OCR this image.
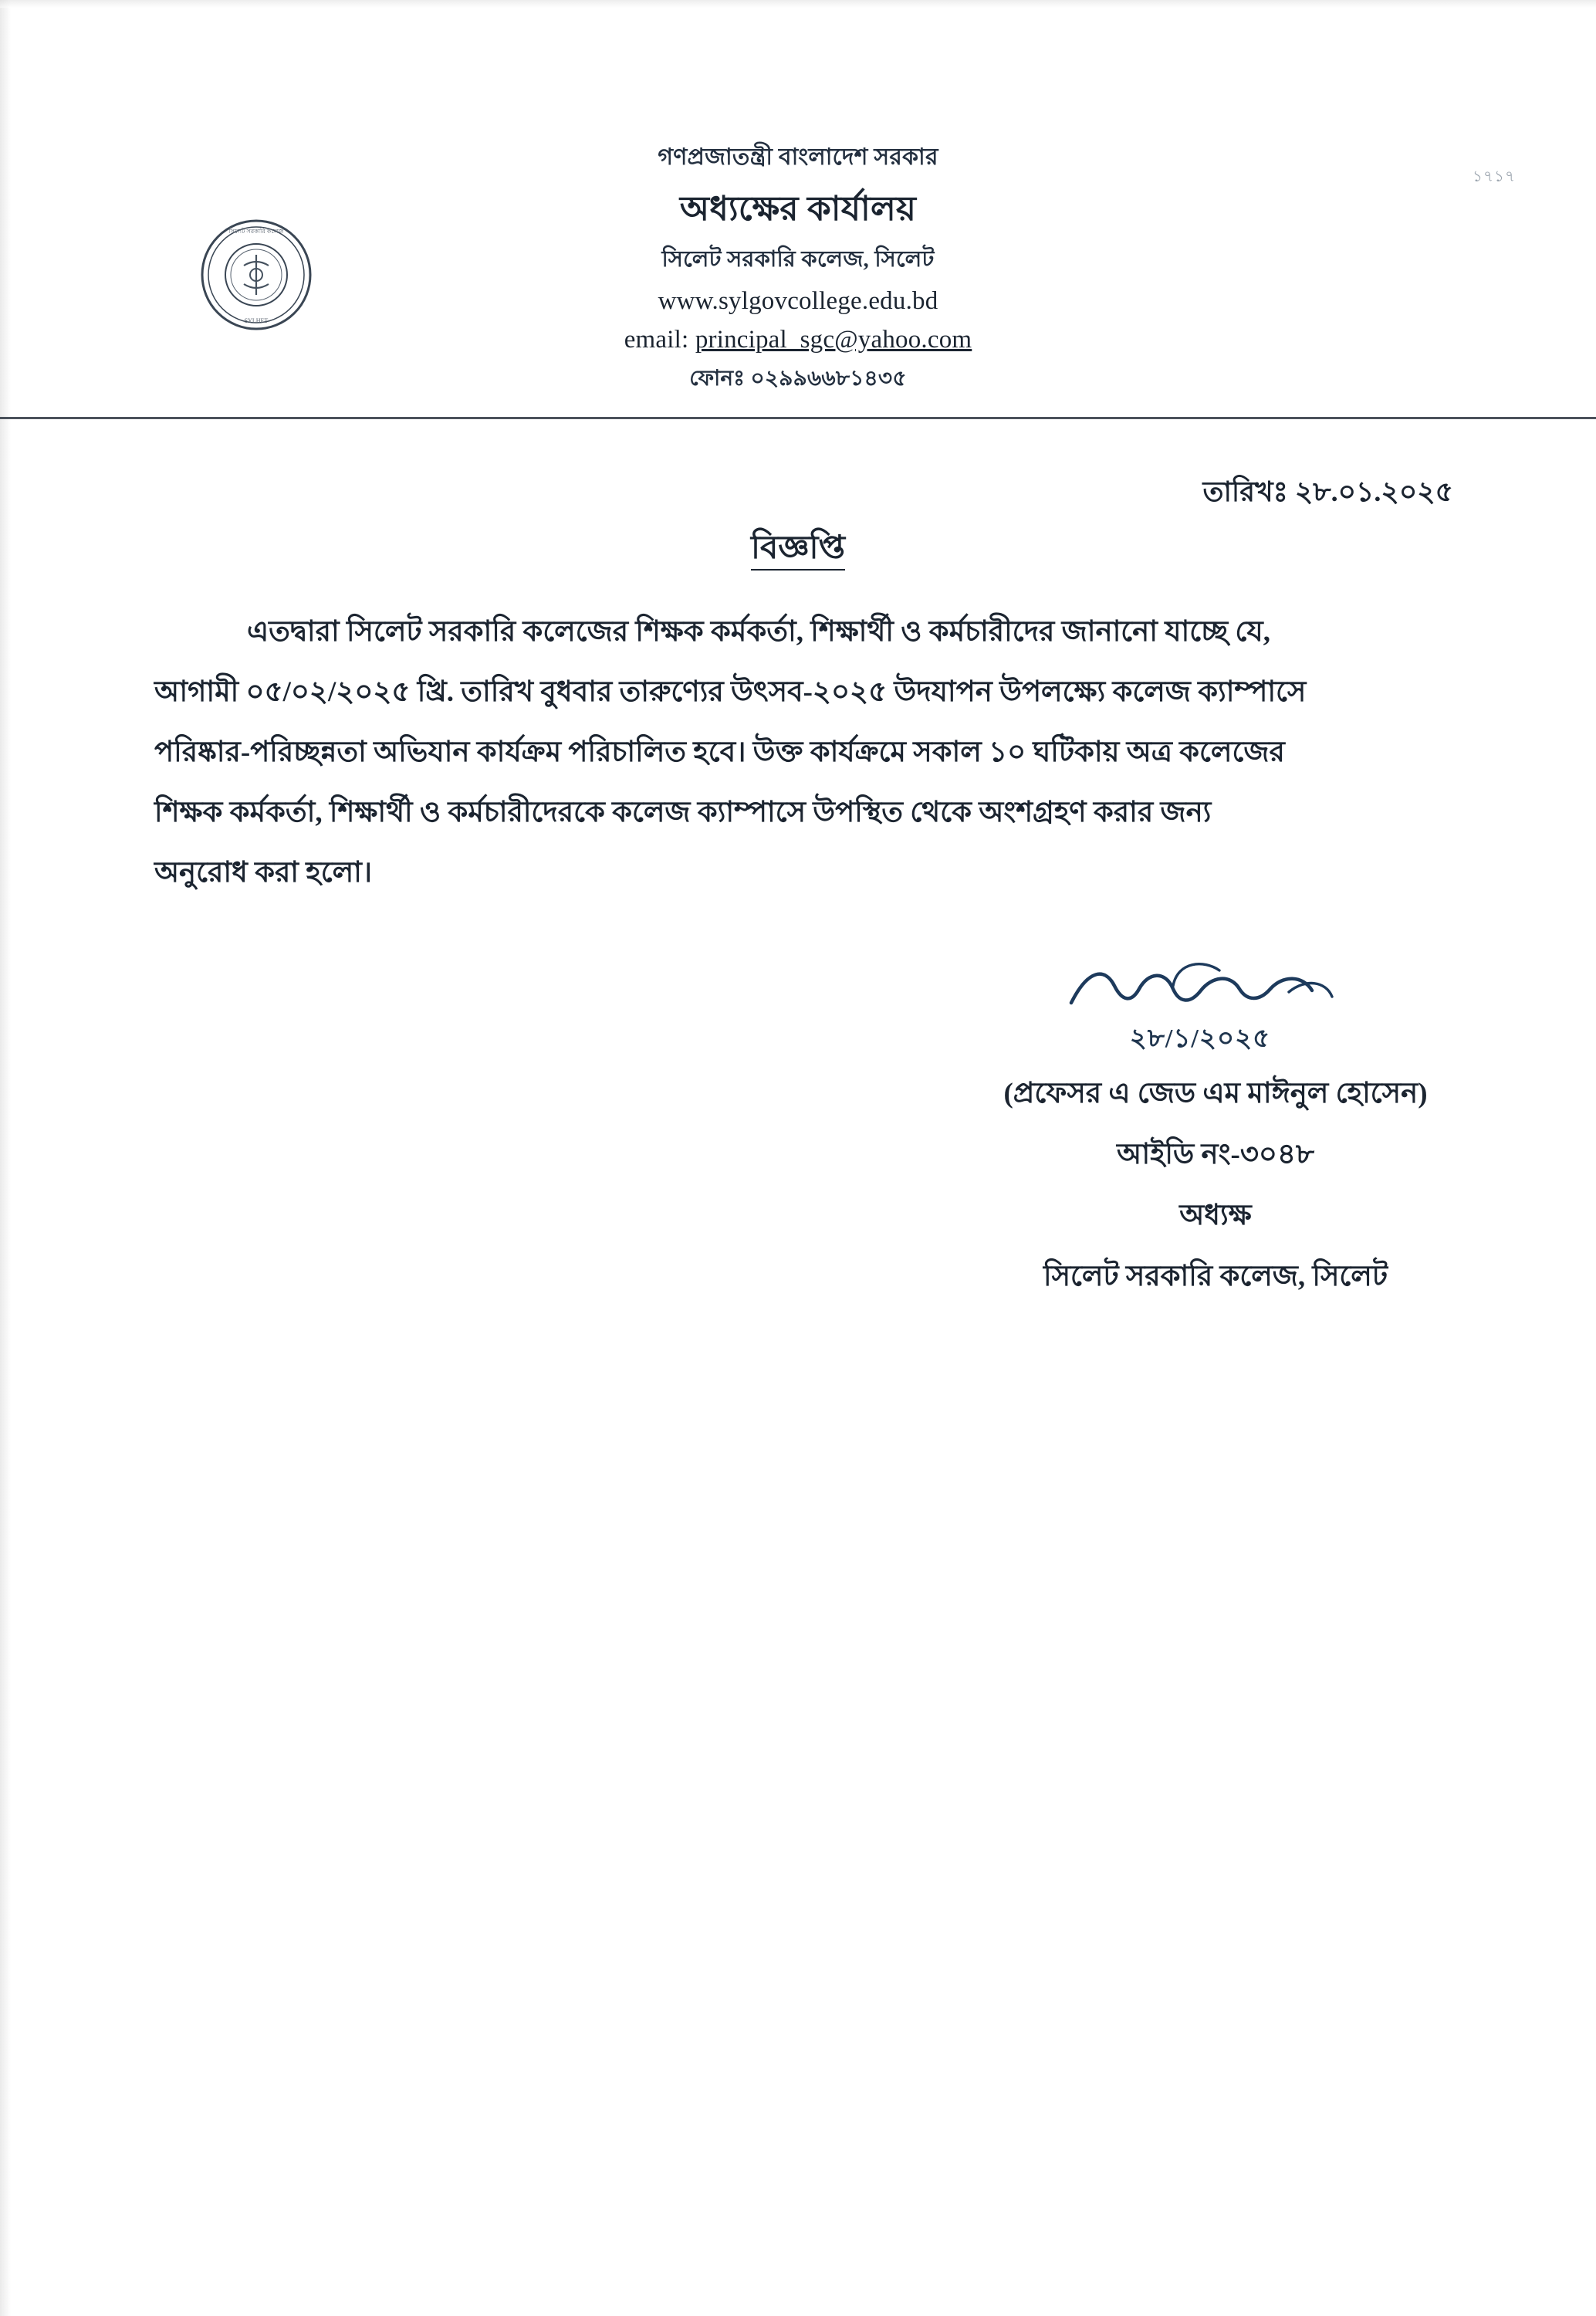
১৭১৭
সিলেট সরকারি কলেজ
SYLHET
গণপ্রজাতন্ত্রী বাংলাদেশ সরকার
অধ্যক্ষের কার্যালয়
সিলেট সরকারি কলেজ, সিলেট
www.sylgovcollege.edu.bd
email: principal_sgc@yahoo.com
ফোনঃ ০২৯৯৬৬৮১৪৩৫
তারিখঃ ২৮.০১.২০২৫
বিজ্ঞপ্তি
এতদ্বারা সিলেট সরকারি কলেজের শিক্ষক কর্মকর্তা, শিক্ষার্থী ও কর্মচারীদের জানানো যাচ্ছে যে,
আগামী ০৫/০২/২০২৫ খ্রি. তারিখ বুধবার তারুণ্যের উৎসব-২০২৫ উদযাপন উপলক্ষ্যে কলেজ ক্যাম্পাসে
পরিষ্কার-পরিচ্ছন্নতা অভিযান কার্যক্রম পরিচালিত হবে। উক্ত কার্যক্রমে সকাল ১০ ঘটিকায় অত্র কলেজের
শিক্ষক কর্মকর্তা, শিক্ষার্থী ও কর্মচারীদেরকে কলেজ ক্যাম্পাসে উপস্থিত থেকে অংশগ্রহণ করার জন্য
অনুরোধ করা হলো।
২৮/১/২০২৫
(প্রফেসর এ জেড এম মাঈনুল হোসেন)
আইডি নং-৩০৪৮
অধ্যক্ষ
সিলেট সরকারি কলেজ, সিলেট
